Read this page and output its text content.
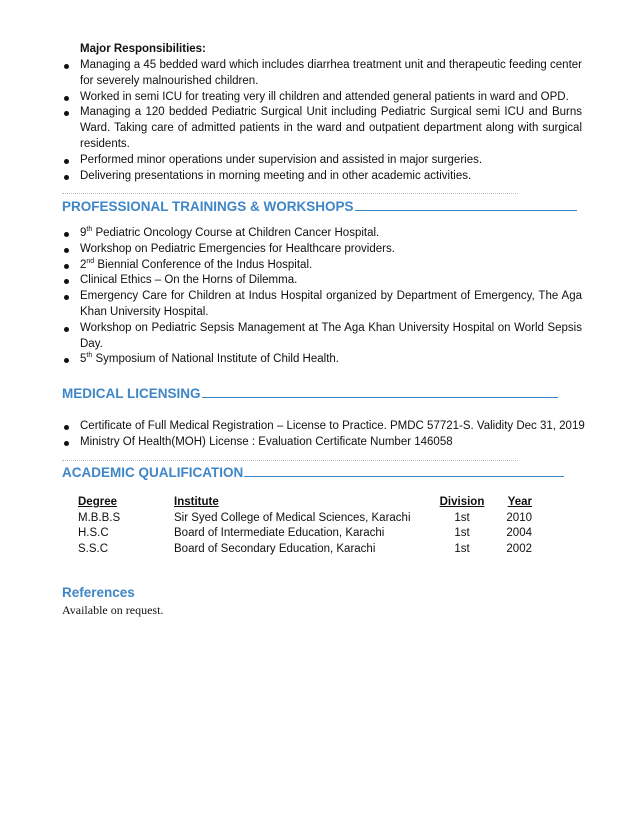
Major Responsibilities:
Managing a 45 bedded ward which includes diarrhea treatment unit and therapeutic feeding center for severely malnourished children.
Worked in semi ICU for treating very ill children and attended general patients in ward and OPD.
Managing a 120 bedded Pediatric Surgical Unit including Pediatric Surgical semi ICU and Burns Ward. Taking care of admitted patients in the ward and outpatient department along with surgical residents.
Performed minor operations under supervision and assisted in major surgeries.
Delivering presentations in morning meeting and in other academic activities.
PROFESSIONAL TRAININGS & WORKSHOPS
9th Pediatric Oncology Course at Children Cancer Hospital.
Workshop on Pediatric Emergencies for Healthcare providers.
2nd Biennial Conference of the Indus Hospital.
Clinical Ethics – On the Horns of Dilemma.
Emergency Care for Children at Indus Hospital organized by Department of Emergency, The Aga Khan University Hospital.
Workshop on Pediatric Sepsis Management at The Aga Khan University Hospital on World Sepsis Day.
5th Symposium of National Institute of Child Health.
MEDICAL LICENSING
Certificate of Full Medical Registration – License to Practice. PMDC 57721-S. Validity Dec 31, 2019
Ministry Of Health(MOH) License : Evaluation Certificate Number 146058
ACADEMIC QUALIFICATION
Degree	Institute	Division	Year
M.B.B.S	Sir Syed College of Medical Sciences, Karachi	1st	2010
H.S.C	Board of Intermediate Education, Karachi	1st	2004
S.S.C	Board of Secondary Education, Karachi	1st	2002
References
Available on request.
